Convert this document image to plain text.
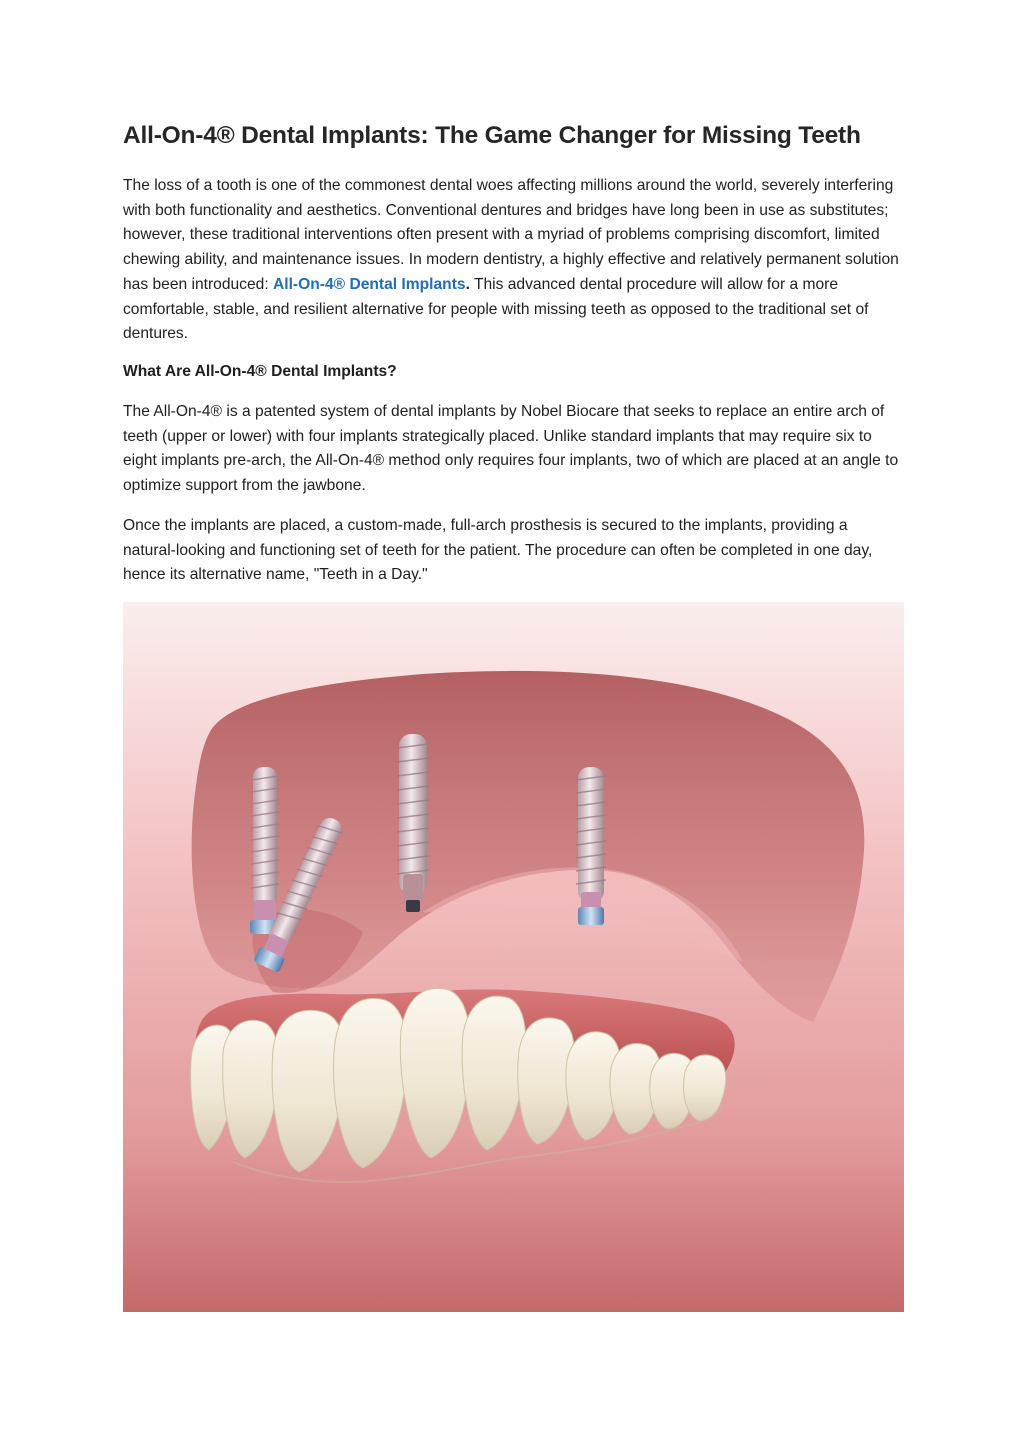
All-On-4® Dental Implants: The Game Changer for Missing Teeth

The loss of a tooth is one of the commonest dental woes affecting millions around the world, severely interfering with both functionality and aesthetics. Conventional dentures and bridges have long been in use as substitutes; however, these traditional interventions often present with a myriad of problems comprising discomfort, limited chewing ability, and maintenance issues. In modern dentistry, a highly effective and relatively permanent solution has been introduced: All-On-4® Dental Implants. This advanced dental procedure will allow for a more comfortable, stable, and resilient alternative for people with missing teeth as opposed to the traditional set of dentures.

What Are All-On-4® Dental Implants?

The All-On-4® is a patented system of dental implants by Nobel Biocare that seeks to replace an entire arch of teeth (upper or lower) with four implants strategically placed. Unlike standard implants that may require six to eight implants pre-arch, the All-On-4® method only requires four implants, two of which are placed at an angle to optimize support from the jawbone.

Once the implants are placed, a custom-made, full-arch prosthesis is secured to the implants, providing a natural-looking and functioning set of teeth for the patient. The procedure can often be completed in one day, hence its alternative name, "Teeth in a Day."
